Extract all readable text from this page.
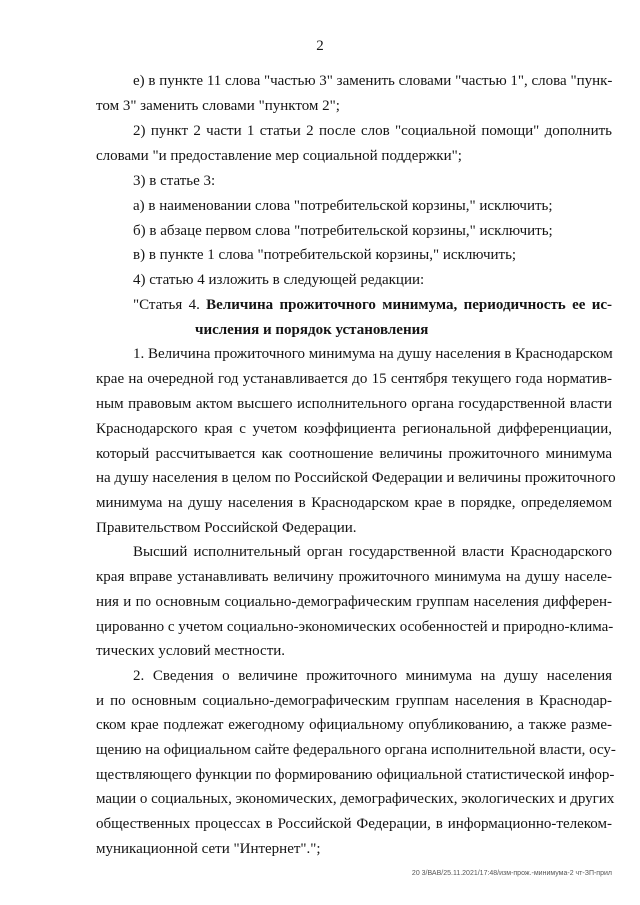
2
е) в пункте 11 слова "частью 3" заменить словами "частью 1", слова "пунк-
том 3" заменить словами "пунктом 2";
2) пункт 2 части 1 статьи 2 после слов "социальной помощи" дополнить
словами "и предоставление мер социальной поддержки";
3) в статье 3:
а) в наименовании слова "потребительской корзины," исключить;
б) в абзаце первом слова "потребительской корзины," исключить;
в) в пункте 1 слова "потребительской корзины," исключить;
4) статью 4 изложить в следующей редакции:
"Статья 4. Величина прожиточного минимума, периодичность ее ис-
числения и порядок установления
1. Величина прожиточного минимума на душу населения в Краснодарском
крае на очередной год устанавливается до 15 сентября текущего года норматив-
ным правовым актом высшего исполнительного органа государственной власти
Краснодарского края с учетом коэффициента региональной дифференциации,
который рассчитывается как соотношение величины прожиточного минимума
на душу населения в целом по Российской Федерации и величины прожиточного
минимума на душу населения в Краснодарском крае в порядке, определяемом
Правительством Российской Федерации.
Высший исполнительный орган государственной власти Краснодарского
края вправе устанавливать величину прожиточного минимума на душу населе-
ния и по основным социально-демографическим группам населения дифферен-
цированно с учетом социально-экономических особенностей и природно-клима-
тических условий местности.
2. Сведения о величине прожиточного минимума на душу населения
и по основным социально-демографическим группам населения в Краснодар-
ском крае подлежат ежегодному официальному опубликованию, а также разме-
щению на официальном сайте федерального органа исполнительной власти, осу-
ществляющего функции по формированию официальной статистической инфор-
мации о социальных, экономических, демографических, экологических и других
общественных процессах в Российской Федерации, в информационно-телеком-
муникационной сети "Интернет".";
20 3/ВАВ/25.11.2021/17:48/изм-прож.-минимума-2 чт-ЗП-прил
